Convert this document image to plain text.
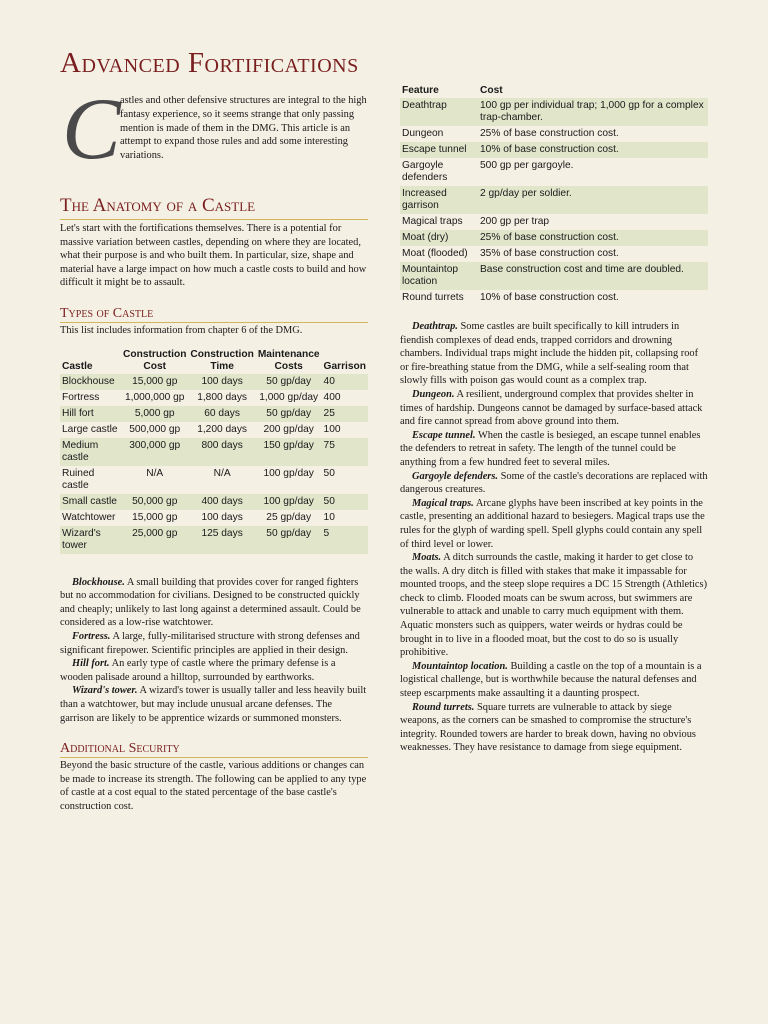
Advanced Fortifications
C astles and other defensive structures are integral to the high fantasy experience, so it seems strange that only passing mention is made of them in the DMG. This article is an attempt to expand those rules and add some interesting variations.

The Anatomy of a Castle

Let's start with the fortifications themselves. There is a potential for massive variation between castles, depending on where they are located, what their purpose is and who built them. In particular, size, shape and material have a large impact on how much a castle costs to build and how difficult it might be to assault.

Types of Castle

This list includes information from chapter 6 of the DMG.

Castle	Construction Cost	Construction Time	Maintenance Costs	Garrison
Blockhouse	15,000 gp	100 days	50 gp/day	40
Fortress	1,000,000 gp	1,800 days	1,000 gp/day	400
Hill fort	5,000 gp	60 days	50 gp/day	25
Large castle	500,000 gp	1,200 days	200 gp/day	100
Medium castle	300,000 gp	800 days	150 gp/day	75
Ruined castle	N/A	N/A	100 gp/day	50
Small castle	50,000 gp	400 days	100 gp/day	50
Watchtower	15,000 gp	100 days	25 gp/day	10
Wizard's tower	25,000 gp	125 days	50 gp/day	5

Blockhouse. A small building that provides cover for ranged fighters but no accommodation for civilians. Designed to be constructed quickly and cheaply; unlikely to last long against a determined assault. Could be considered as a low-rise watchtower.

Fortress. A large, fully-militarised structure with strong defenses and significant firepower. Scientific principles are applied in their design.

Hill fort. An early type of castle where the primary defense is a wooden palisade around a hilltop, surrounded by earthworks.

Wizard's tower. A wizard's tower is usually taller and less heavily built than a watchtower, but may include unusual arcane defenses. The garrison are likely to be apprentice wizards or summoned monsters.

Additional Security

Beyond the basic structure of the castle, various additions or changes can be made to increase its strength. The following can be applied to any type of castle at a cost equal to the stated percentage of the base castle's construction cost.

Feature	Cost
Deathtrap	100 gp per individual trap; 1,000 gp for a complex trap-chamber.
Dungeon	25% of base construction cost.
Escape tunnel	10% of base construction cost.
Gargoyle defenders	500 gp per gargoyle.
Increased garrison	2 gp/day per soldier.
Magical traps	200 gp per trap
Moat (dry)	25% of base construction cost.
Moat (flooded)	35% of base construction cost.
Mountaintop location	Base construction cost and time are doubled.
Round turrets	10% of base construction cost.

Deathtrap. Some castles are built specifically to kill intruders in fiendish complexes of dead ends, trapped corridors and drowning chambers. Individual traps might include the hidden pit, collapsing roof or fire-breathing statue from the DMG, while a self-sealing room that slowly fills with poison gas would count as a complex trap.

Dungeon. A resilient, underground complex that provides shelter in times of hardship. Dungeons cannot be damaged by surface-based attack and fire cannot spread from above ground into them.

Escape tunnel. When the castle is besieged, an escape tunnel enables the defenders to retreat in safety. The length of the tunnel could be anything from a few hundred feet to several miles.

Gargoyle defenders. Some of the castle's decorations are replaced with dangerous creatures.

Magical traps. Arcane glyphs have been inscribed at key points in the castle, presenting an additional hazard to besiegers. Magical traps use the rules for the glyph of warding spell. Spell glyphs could contain any spell of third level or lower.

Moats. A ditch surrounds the castle, making it harder to get close to the walls. A dry ditch is filled with stakes that make it impassable for mounted troops, and the steep slope requires a DC 15 Strength (Athletics) check to climb. Flooded moats can be swum across, but swimmers are vulnerable to attack and unable to carry much equipment with them. Aquatic monsters such as quippers, water weirds or hydras could be brought in to live in a flooded moat, but the cost to do so is usually prohibitive.

Mountaintop location. Building a castle on the top of a mountain is a logistical challenge, but is worthwhile because the natural defenses and steep escarpments make assaulting it a daunting prospect.

Round turrets. Square turrets are vulnerable to attack by siege weapons, as the corners can be smashed to compromise the structure's integrity. Rounded towers are harder to break down, having no obvious weaknesses. They have resistance to damage from siege equipment.
